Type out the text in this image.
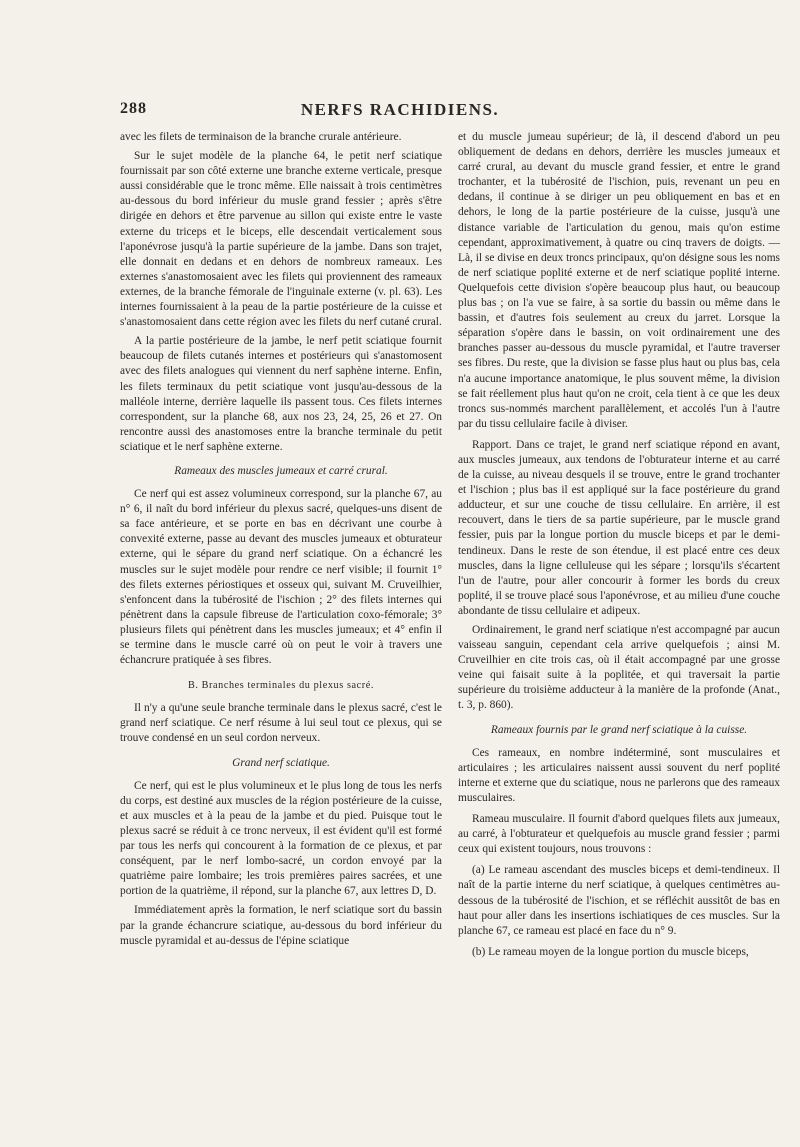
288	NERFS RACHIDIENS.

avec les filets de terminaison de la branche crurale antérieure.

Sur le sujet modèle de la planche 64, le petit nerf sciatique fournissait par son côté externe une branche externe verticale, presque aussi considérable que le tronc même. Elle naissait à trois centimètres au-dessous du bord inférieur du musle grand fessier ; après s'être dirigée en dehors et être parvenue au sillon qui existe entre le vaste externe du triceps et le biceps, elle descendait verticalement sous l'aponévrose jusqu'à la partie supérieure de la jambe. Dans son trajet, elle donnait en dedans et en dehors de nombreux rameaux. Les externes s'anastomosaient avec les filets qui proviennent des rameaux externes, de la branche fémorale de l'inguinale externe (v. pl. 63). Les internes fournissaient à la peau de la partie postérieure de la cuisse et s'anastomosaient dans cette région avec les filets du nerf cutané crural.

A la partie postérieure de la jambe, le nerf petit sciatique fournit beaucoup de filets cutanés internes et postérieurs qui s'anastomosent avec des filets analogues qui viennent du nerf saphène interne. Enfin, les filets terminaux du petit sciatique vont jusqu'au-dessous de la malléole interne, derrière laquelle ils passent tous. Ces filets internes correspondent, sur la planche 68, aux nos 23, 24, 25, 26 et 27. On rencontre aussi des anastomoses entre la branche terminale du petit sciatique et le nerf saphène externe.

Rameaux des muscles jumeaux et carré crural.

Ce nerf qui est assez volumineux correspond, sur la planche 67, au n° 6, il naît du bord inférieur du plexus sacré, quelques-uns disent de sa face antérieure, et se porte en bas en décrivant une courbe à convexité externe, passe au devant des muscles jumeaux et obturateur externe, qui le sépare du grand nerf sciatique. On a échancré les muscles sur le sujet modèle pour rendre ce nerf visible; il fournit 1° des filets externes périostiques et osseux qui, suivant M. Cruveilhier, s'enfoncent dans la tubérosité de l'ischion ; 2° des filets internes qui pénètrent dans la capsule fibreuse de l'articulation coxo-fémorale; 3° plusieurs filets qui pénètrent dans les muscles jumeaux; et 4° enfin il se termine dans le muscle carré où on peut le voir à travers une échancrure pratiquée à ses fibres.

B. Branches terminales du plexus sacré.

Il n'y a qu'une seule branche terminale dans le plexus sacré, c'est le grand nerf sciatique. Ce nerf résume à lui seul tout ce plexus, qui se trouve condensé en un seul cordon nerveux.

Grand nerf sciatique.

Ce nerf, qui est le plus volumineux et le plus long de tous les nerfs du corps, est destiné aux muscles de la région postérieure de la cuisse, et aux muscles et à la peau de la jambe et du pied. Puisque tout le plexus sacré se réduit à ce tronc nerveux, il est évident qu'il est formé par tous les nerfs qui concourent à la formation de ce plexus, et par conséquent, par le nerf lombo-sacré, un cordon envoyé par la quatrième paire lombaire; les trois premières paires sacrées, et une portion de la quatrième, il répond, sur la planche 67, aux lettres D, D.

Immédiatement après la formation, le nerf sciatique sort du bassin par la grande échancrure sciatique, au-dessous du bord inférieur du muscle pyramidal et au-dessus de l'épine sciatique

et du muscle jumeau supérieur; de là, il descend d'abord un peu obliquement de dedans en dehors, derrière les muscles jumeaux et carré crural, au devant du muscle grand fessier, et entre le grand trochanter, et la tubérosité de l'ischion, puis, revenant un peu en dedans, il continue à se diriger un peu obliquement en bas et en dehors, le long de la partie postérieure de la cuisse, jusqu'à une distance variable de l'articulation du genou, mais qu'on estime cependant, approximativement, à quatre ou cinq travers de doigts. —Là, il se divise en deux troncs principaux, qu'on désigne sous les noms de nerf sciatique poplité externe et de nerf sciatique poplité interne. Quelquefois cette division s'opère beaucoup plus haut, ou beaucoup plus bas ; on l'a vue se faire, à sa sortie du bassin ou même dans le bassin, et d'autres fois seulement au creux du jarret. Lorsque la séparation s'opère dans le bassin, on voit ordinairement une des branches passer au-dessous du muscle pyramidal, et l'autre traverser ses fibres. Du reste, que la division se fasse plus haut ou plus bas, cela n'a aucune importance anatomique, le plus souvent même, la division se fait réellement plus haut qu'on ne croit, cela tient à ce que les deux troncs sus-nommés marchent parallèlement, et accolés l'un à l'autre par du tissu cellulaire facile à diviser.

Rapport. Dans ce trajet, le grand nerf sciatique répond en avant, aux muscles jumeaux, aux tendons de l'obturateur interne et au carré de la cuisse, au niveau desquels il se trouve, entre le grand trochanter et l'ischion ; plus bas il est appliqué sur la face postérieure du grand adducteur, et sur une couche de tissu cellulaire. En arrière, il est recouvert, dans le tiers de sa partie supérieure, par le muscle grand fessier, puis par la longue portion du muscle biceps et par le demi-tendineux. Dans le reste de son étendue, il est placé entre ces deux muscles, dans la ligne celluleuse qui les sépare ; lorsqu'ils s'écartent l'un de l'autre, pour aller concourir à former les bords du creux poplité, il se trouve placé sous l'aponévrose, et au milieu d'une couche abondante de tissu cellulaire et adipeux.

Ordinairement, le grand nerf sciatique n'est accompagné par aucun vaisseau sanguin, cependant cela arrive quelquefois ; ainsi M. Cruveilhier en cite trois cas, où il était accompagné par une grosse veine qui faisait suite à la poplitée, et qui traversait la partie supérieure du troisième adducteur à la manière de la profonde (Anat., t. 3, p. 860).

Rameaux fournis par le grand nerf sciatique à la cuisse.

Ces rameaux, en nombre indéterminé, sont musculaires et articulaires ; les articulaires naissent aussi souvent du nerf poplité interne et externe que du sciatique, nous ne parlerons que des rameaux musculaires.

Rameau musculaire. Il fournit d'abord quelques filets aux jumeaux, au carré, à l'obturateur et quelquefois au muscle grand fessier ; parmi ceux qui existent toujours, nous trouvons :

(a) Le rameau ascendant des muscles biceps et demi-tendineux. Il naît de la partie interne du nerf sciatique, à quelques centimètres au-dessous de la tubérosité de l'ischion, et se réfléchit aussitôt de bas en haut pour aller dans les insertions ischiatiques de ces muscles. Sur la planche 67, ce rameau est placé en face du n° 9.

(b) Le rameau moyen de la longue portion du muscle biceps,
